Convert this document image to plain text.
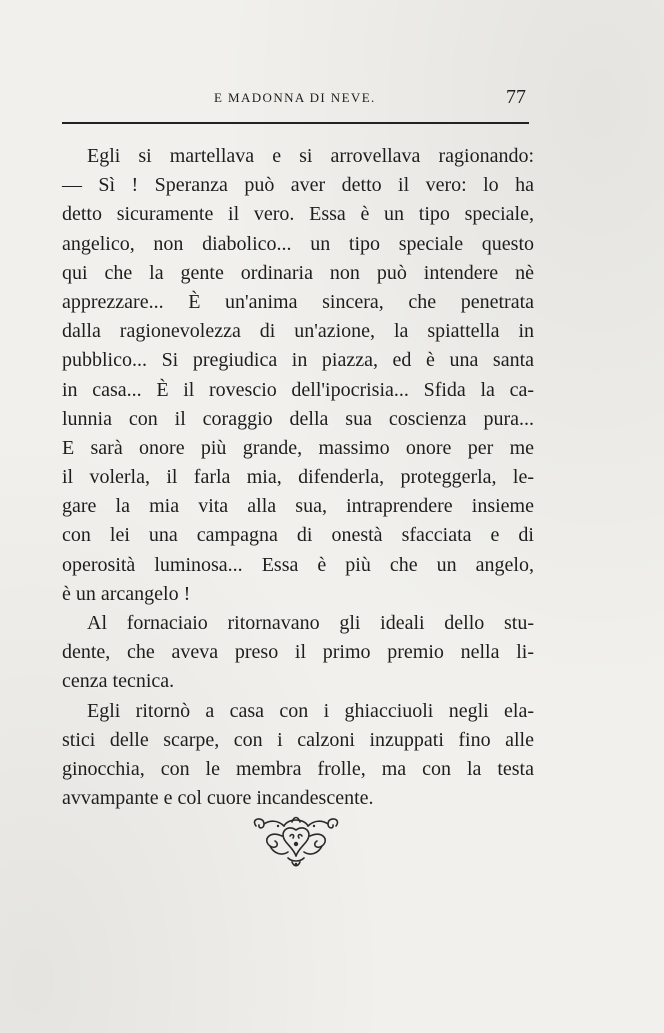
E MADONNA DI NEVE.	77
Egli si martellava e si arrovellava ragionando:
— Sì ! Speranza può aver detto il vero: lo ha
detto sicuramente il vero. Essa è un tipo speciale,
angelico, non diabolico... un tipo speciale questo
qui che la gente ordinaria non può intendere nè
apprezzare... È un'anima sincera, che penetrata
dalla ragionevolezza di un'azione, la spiattella in
pubblico... Si pregiudica in piazza, ed è una santa
in casa... È il rovescio dell'ipocrisia... Sfida la ca-
lunnia con il coraggio della sua coscienza pura...
E sarà onore più grande, massimo onore per me
il volerla, il farla mia, difenderla, proteggerla, le-
gare la mia vita alla sua, intraprendere insieme
con lei una campagna di onestà sfacciata e di
operosità luminosa... Essa è più che un angelo,
è un arcangelo !
Al fornaciaio ritornavano gli ideali dello stu-
dente, che aveva preso il primo premio nella li-
cenza tecnica.
Egli ritornò a casa con i ghiacciuoli negli ela-
stici delle scarpe, con i calzoni inzuppati fino alle
ginocchia, con le membra frolle, ma con la testa
avvampante e col cuore incandescente.
